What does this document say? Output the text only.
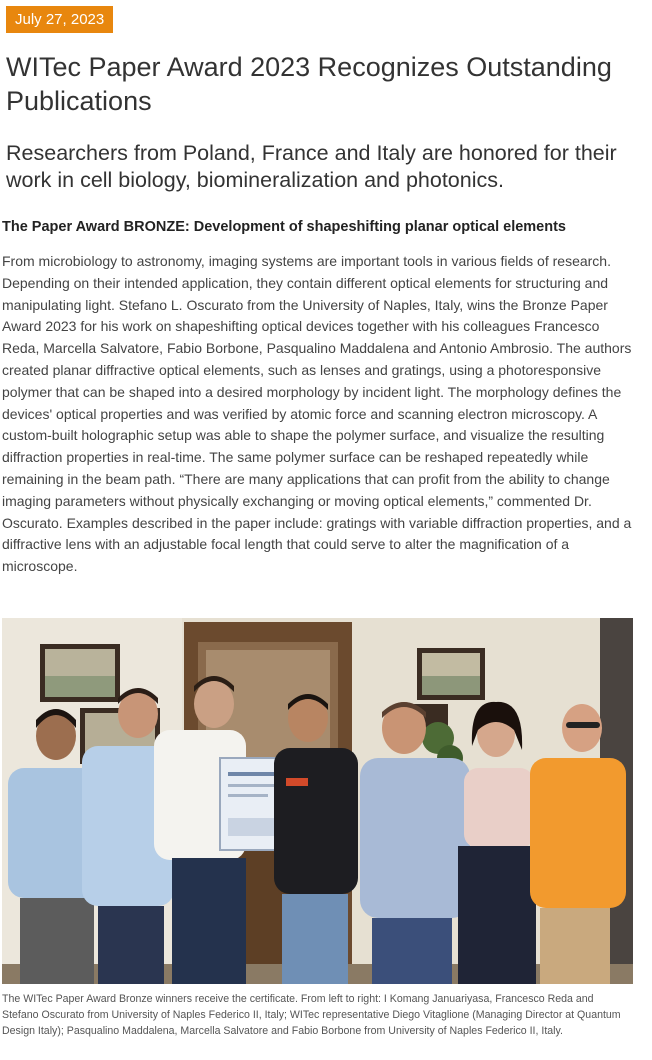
July 27, 2023
WITec Paper Award 2023 Recognizes Outstanding Publications
Researchers from Poland, France and Italy are honored for their work in cell biology, biomineralization and photonics.
The Paper Award BRONZE: Development of shapeshifting planar optical elements

From microbiology to astronomy, imaging systems are important tools in various fields of research. Depending on their intended application, they contain different optical elements for structuring and manipulating light. Stefano L. Oscurato from the University of Naples, Italy, wins the Bronze Paper Award 2023 for his work on shapeshifting optical devices together with his colleagues Francesco Reda, Marcella Salvatore, Fabio Borbone, Pasqualino Maddalena and Antonio Ambrosio. The authors created planar diffractive optical elements, such as lenses and gratings, using a photoresponsive polymer that can be shaped into a desired morphology by incident light. The morphology defines the devices' optical properties and was verified by atomic force and scanning electron microscopy. A custom-built holographic setup was able to shape the polymer surface, and visualize the resulting diffraction properties in real-time. The same polymer surface can be reshaped repeatedly while remaining in the beam path. “There are many applications that can profit from the ability to change imaging parameters without physically exchanging or moving optical elements,” commented Dr. Oscurato. Examples described in the paper include: gratings with variable diffraction properties, and a diffractive lens with an adjustable focal length that could serve to alter the magnification of a microscope.

The WITec Paper Award Bronze winners receive the certificate. From left to right: I Komang Januariyasa, Francesco Reda and Stefano Oscurato from University of Naples Federico II, Italy; WITec representative Diego Vitaglione (Managing Director at Quantum Design Italy); Pasqualino Maddalena, Marcella Salvatore and Fabio Borbone from University of Naples Federico II, Italy.
